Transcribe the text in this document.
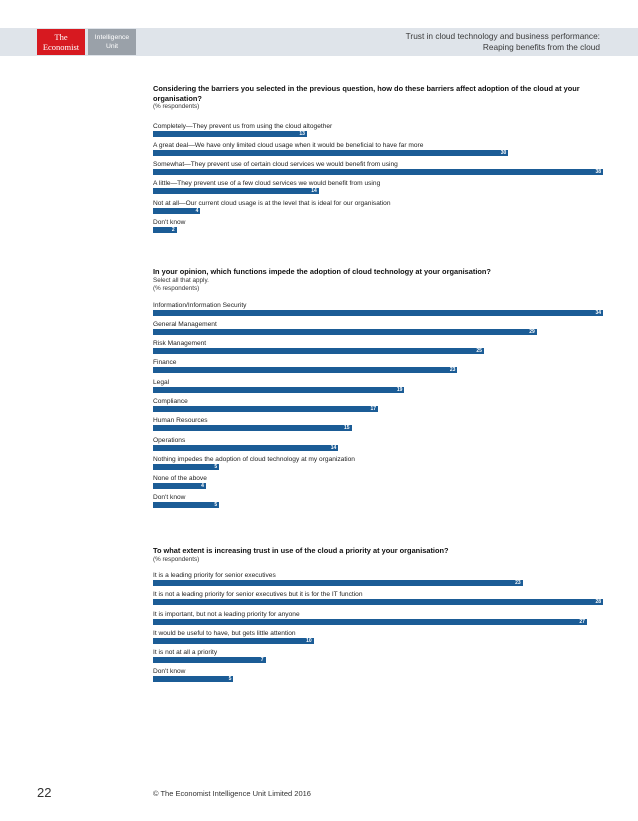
The
Economist
Intelligence
Unit
Trust in cloud technology and business performance:
Reaping benefits from the cloud
Considering the barriers you selected in the previous question, how do these barriers affect adoption of the cloud at your organisation?
(% respondents)
Completely—They prevent us from using the cloud altogether
13
A great deal—We have only limited cloud usage when it would be beneficial to have far more
30
Somewhat—They prevent use of certain cloud services we would benefit from using
38
A little—They prevent use of a few cloud services we would benefit from using
14
Not at all—Our current cloud usage is at the level that is ideal for our organisation
4
Don't know
2
In your opinion, which functions impede the adoption of cloud technology at your organisation?
Select all that apply.
(% respondents)
Information/Information Security
34
General Management
29
Risk Management
25
Finance
23
Legal
19
Compliance
17
Human Resources
15
Operations
14
Nothing impedes the adoption of cloud technology at my organization
5
None of the above
4
Don't know
5
To what extent is increasing trust in use of the cloud a priority at your organisation?
(% respondents)
It is a leading priority for senior executives
23
It is not a leading priority for senior executives but it is for the IT function
28
It is important, but not a leading priority for anyone
27
It would be useful to have, but gets little attention
10
It is not at all a priority
7
Don't know
5
22	© The Economist Intelligence Unit Limited 2016
